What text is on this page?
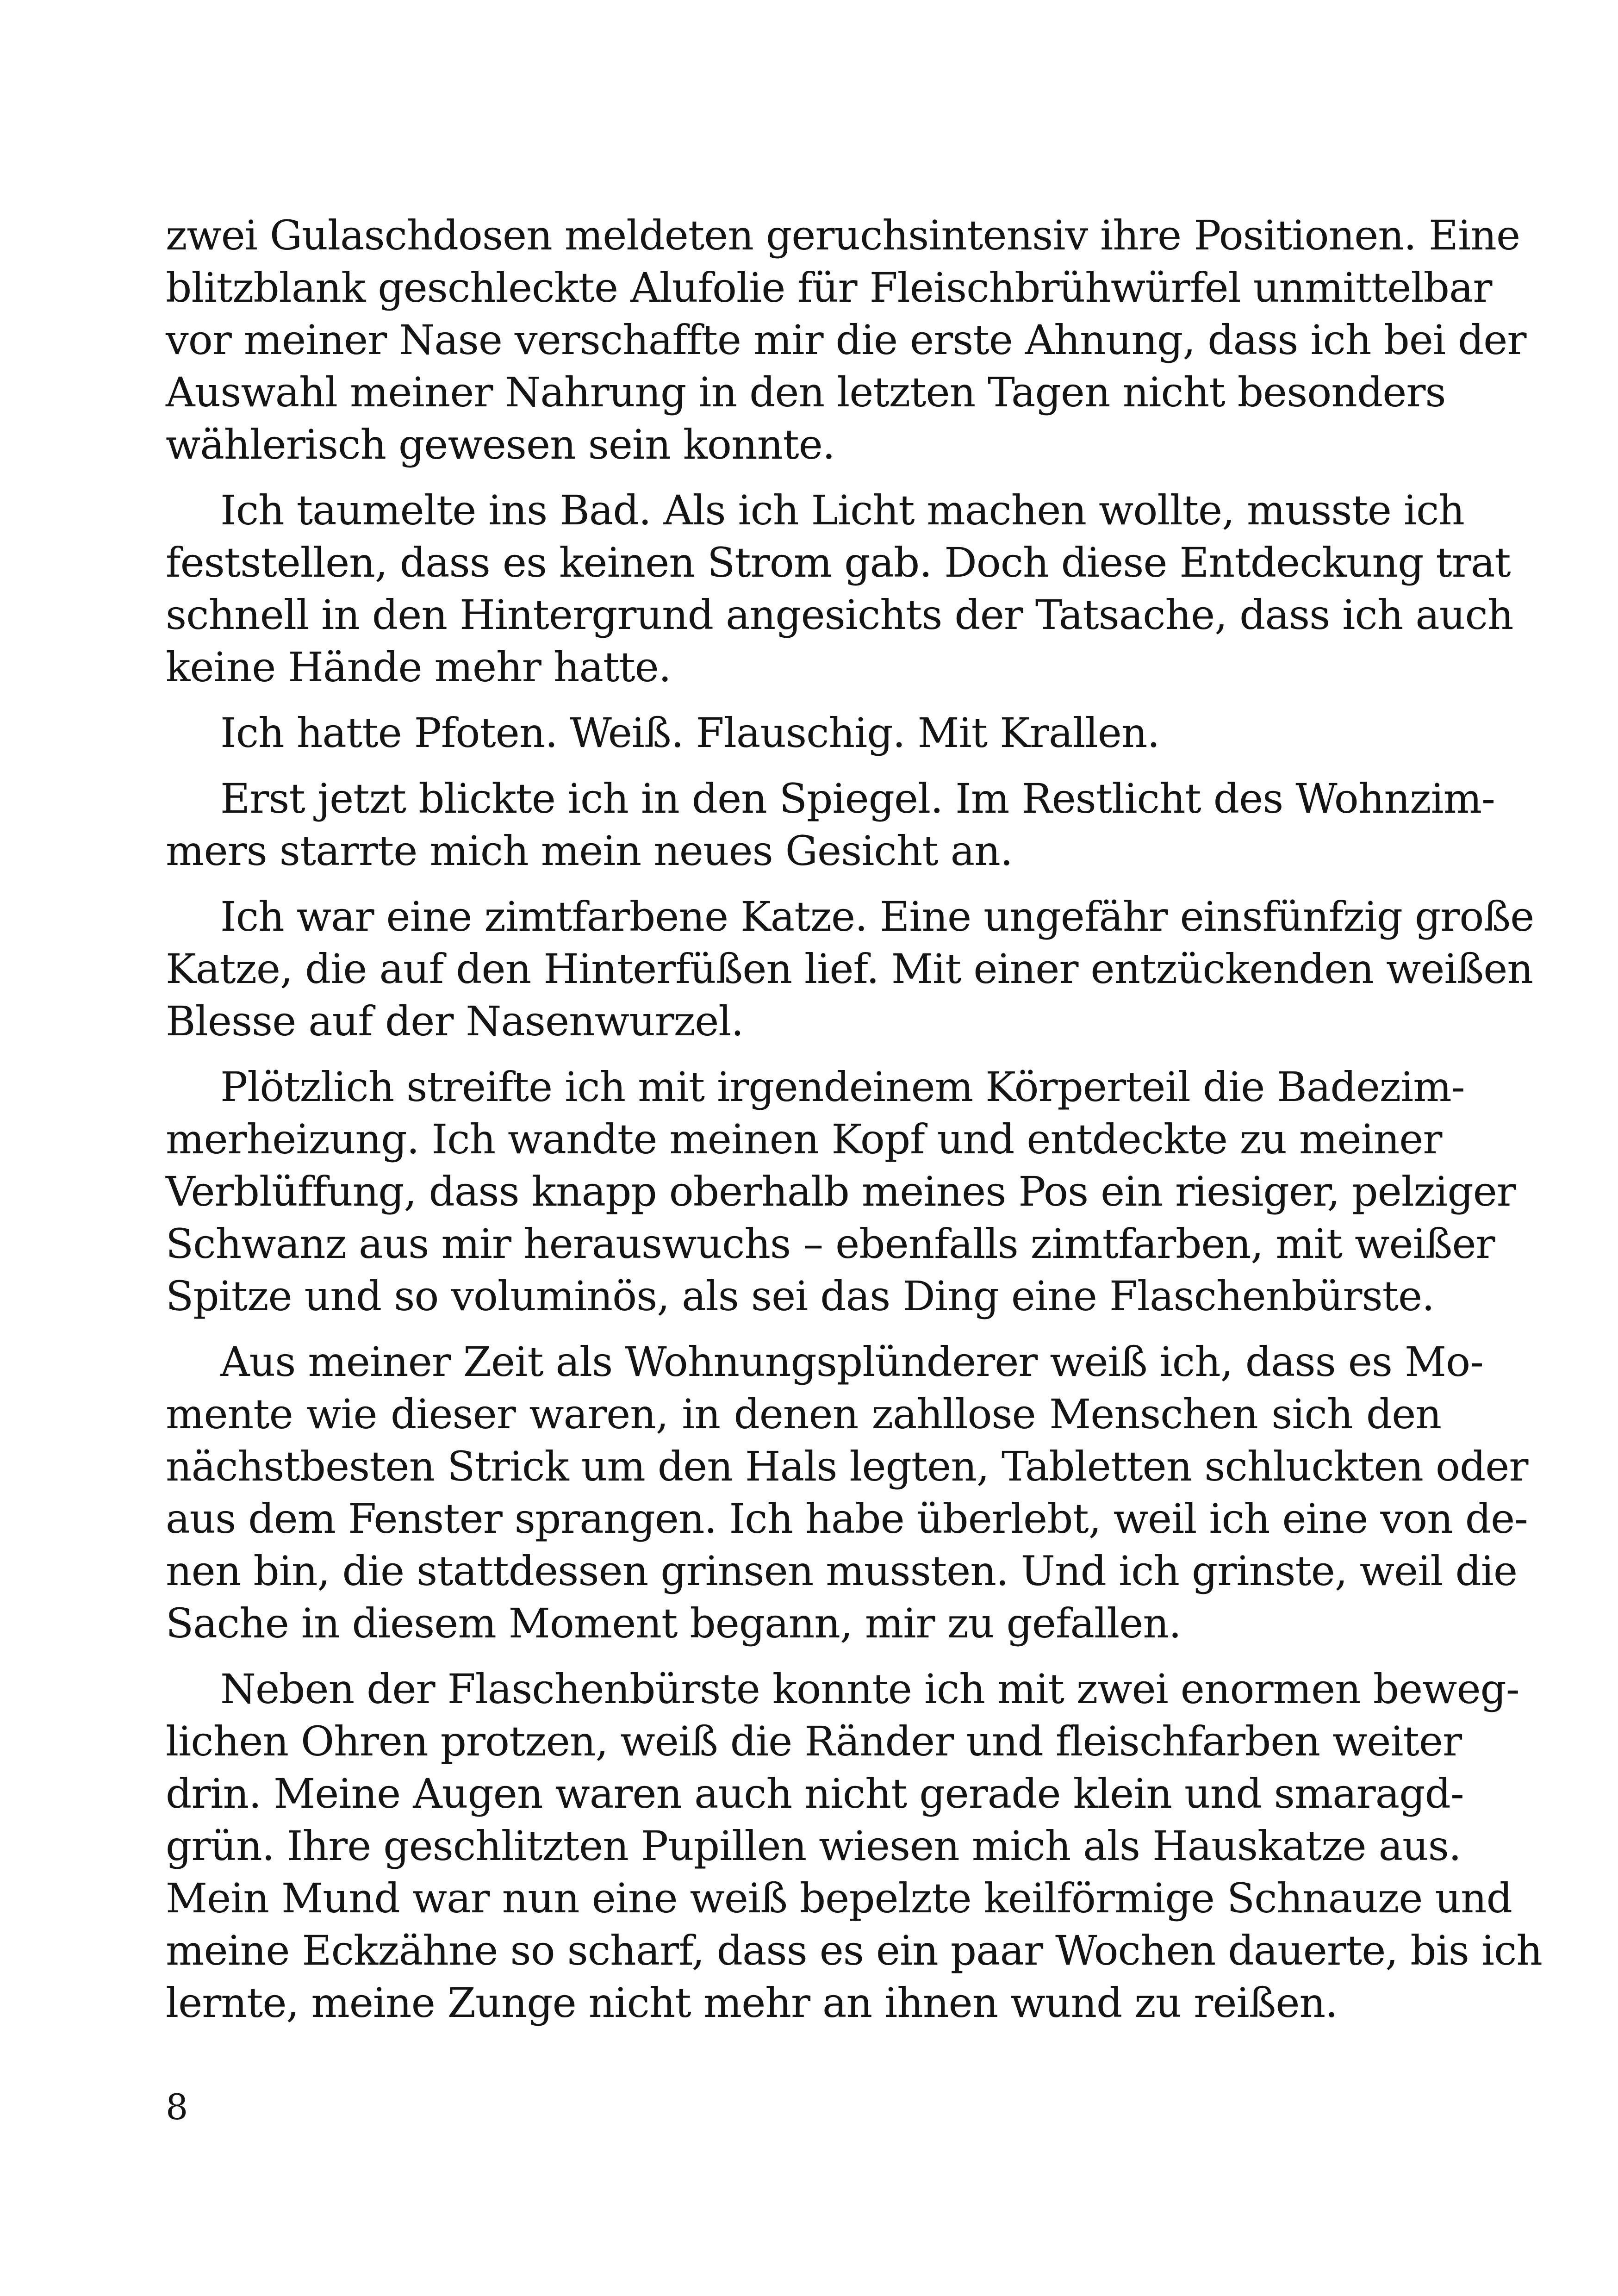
zwei Gulaschdosen meldeten geruchsintensiv ihre Positionen. Eine
blitzblank geschleckte Alufolie für Fleischbrühwürfel unmittelbar
vor meiner Nase verschaffte mir die erste Ahnung, dass ich bei der
Auswahl meiner Nahrung in den letzten Tagen nicht besonders
wählerisch gewesen sein konnte.
Ich taumelte ins Bad. Als ich Licht machen wollte, musste ich
feststellen, dass es keinen Strom gab. Doch diese Entdeckung trat
schnell in den Hintergrund angesichts der Tatsache, dass ich auch
keine Hände mehr hatte.
Ich hatte Pfoten. Weiß. Flauschig. Mit Krallen.
Erst jetzt blickte ich in den Spiegel. Im Restlicht des Wohnzim-
mers starrte mich mein neues Gesicht an.
Ich war eine zimtfarbene Katze. Eine ungefähr einsfünfzig große
Katze, die auf den Hinterfüßen lief. Mit einer entzückenden weißen
Blesse auf der Nasenwurzel.
Plötzlich streifte ich mit irgendeinem Körperteil die Badezim-
merheizung. Ich wandte meinen Kopf und entdeckte zu meiner
Verblüffung, dass knapp oberhalb meines Pos ein riesiger, pelziger
Schwanz aus mir herauswuchs – ebenfalls zimtfarben, mit weißer
Spitze und so voluminös, als sei das Ding eine Flaschenbürste.
Aus meiner Zeit als Wohnungsplünderer weiß ich, dass es Mo-
mente wie dieser waren, in denen zahllose Menschen sich den
nächstbesten Strick um den Hals legten, Tabletten schluckten oder
aus dem Fenster sprangen. Ich habe überlebt, weil ich eine von de-
nen bin, die stattdessen grinsen mussten. Und ich grinste, weil die
Sache in diesem Moment begann, mir zu gefallen.
Neben der Flaschenbürste konnte ich mit zwei enormen beweg-
lichen Ohren protzen, weiß die Ränder und fleischfarben weiter
drin. Meine Augen waren auch nicht gerade klein und smaragd-
grün. Ihre geschlitzten Pupillen wiesen mich als Hauskatze aus.
Mein Mund war nun eine weiß bepelzte keilförmige Schnauze und
meine Eckzähne so scharf, dass es ein paar Wochen dauerte, bis ich
lernte, meine Zunge nicht mehr an ihnen wund zu reißen.
8
